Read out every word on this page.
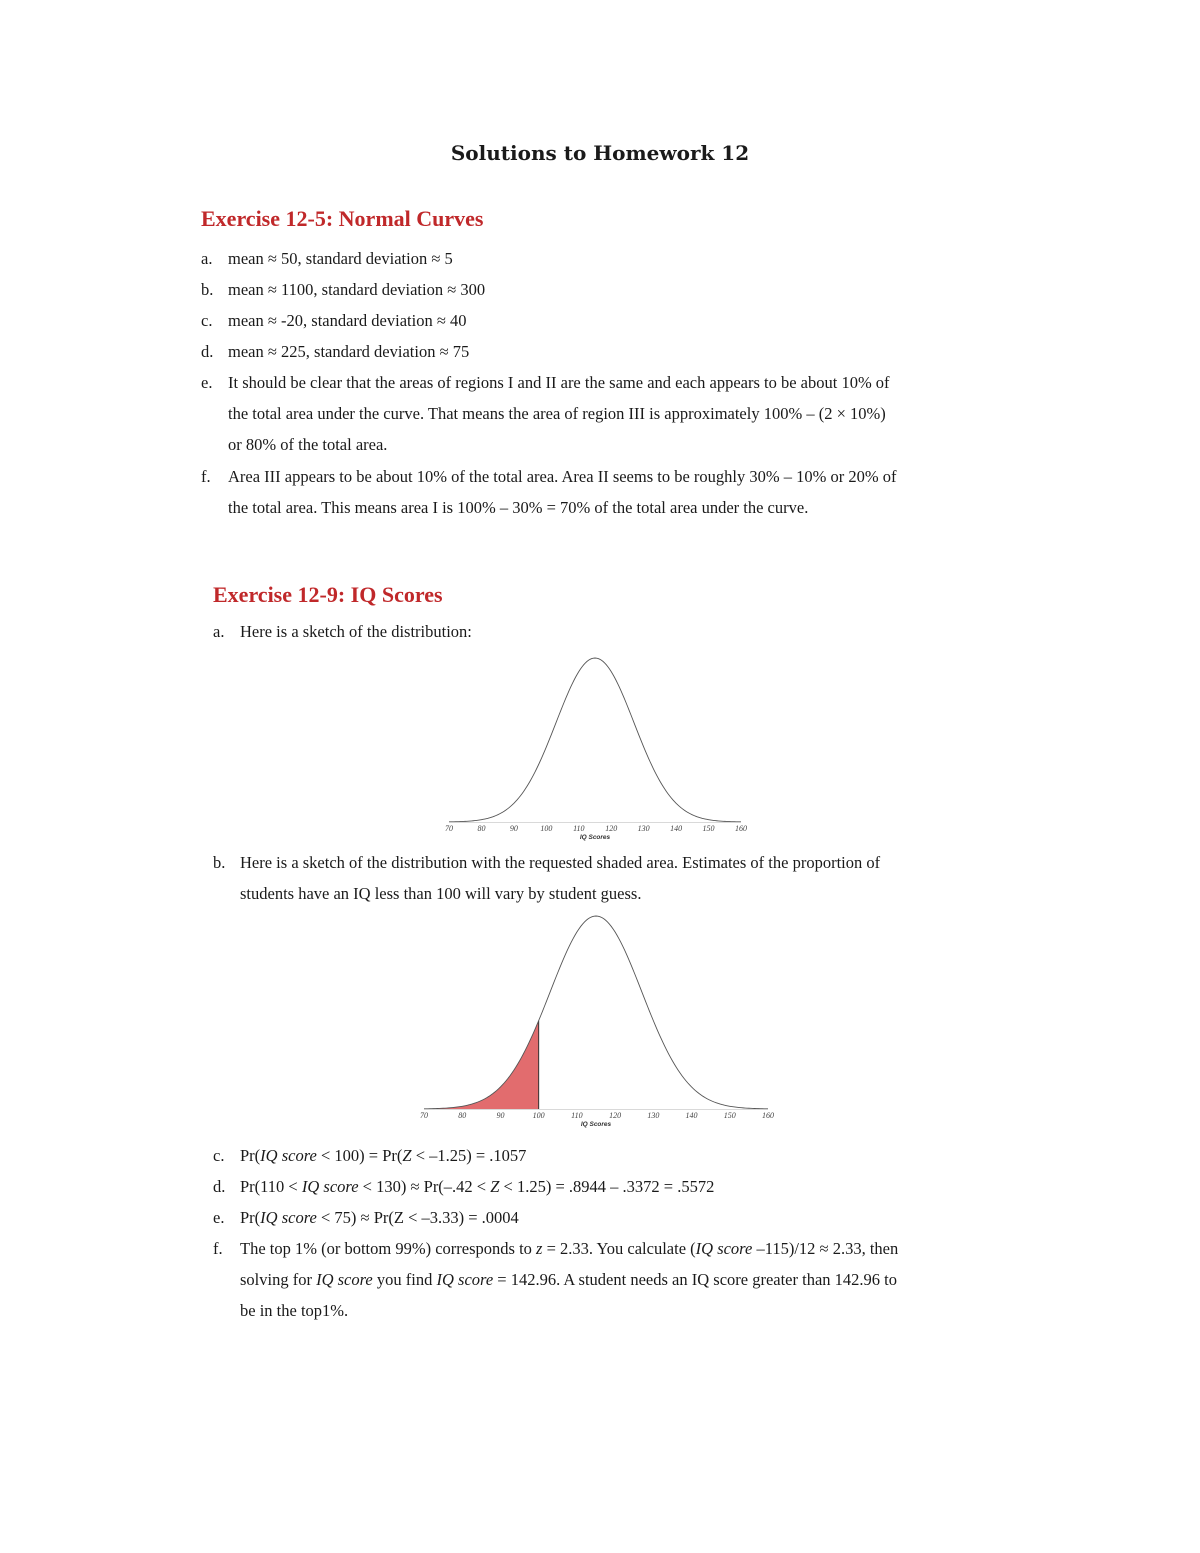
Solutions to Homework 12
Exercise 12-5: Normal Curves
a. mean ≈ 50, standard deviation ≈ 5
b. mean ≈ 1100, standard deviation ≈ 300
c. mean ≈ -20, standard deviation ≈ 40
d. mean ≈ 225, standard deviation ≈ 75
e. It should be clear that the areas of regions I and II are the same and each appears to be about 10% of
the total area under the curve. That means the area of region III is approximately 100% – (2 × 10%)
or 80% of the total area.
f. Area III appears to be about 10% of the total area. Area II seems to be roughly 30% – 10% or 20% of
the total area. This means area I is 100% – 30% = 70% of the total area under the curve.
Exercise 12-9: IQ Scores
a. Here is a sketch of the distribution:
70	80	90	100	110	120	130	140	150	160
IQ Scores
b. Here is a sketch of the distribution with the requested shaded area. Estimates of the proportion of
students have an IQ less than 100 will vary by student guess.
70	80	90	100	110	120	130	140	150	160
IQ Scores
c. Pr(IQ score < 100) = Pr(Z < –1.25) = .1057
d. Pr(110 < IQ score < 130) ≈ Pr(–.42 < Z < 1.25) = .8944 – .3372 = .5572
e. Pr(IQ score < 75) ≈ Pr(Z < –3.33) = .0004
f. The top 1% (or bottom 99%) corresponds to z = 2.33. You calculate (IQ score –115)/12 ≈ 2.33, then
solving for IQ score you find IQ score = 142.96. A student needs an IQ score greater than 142.96 to
be in the top1%.
